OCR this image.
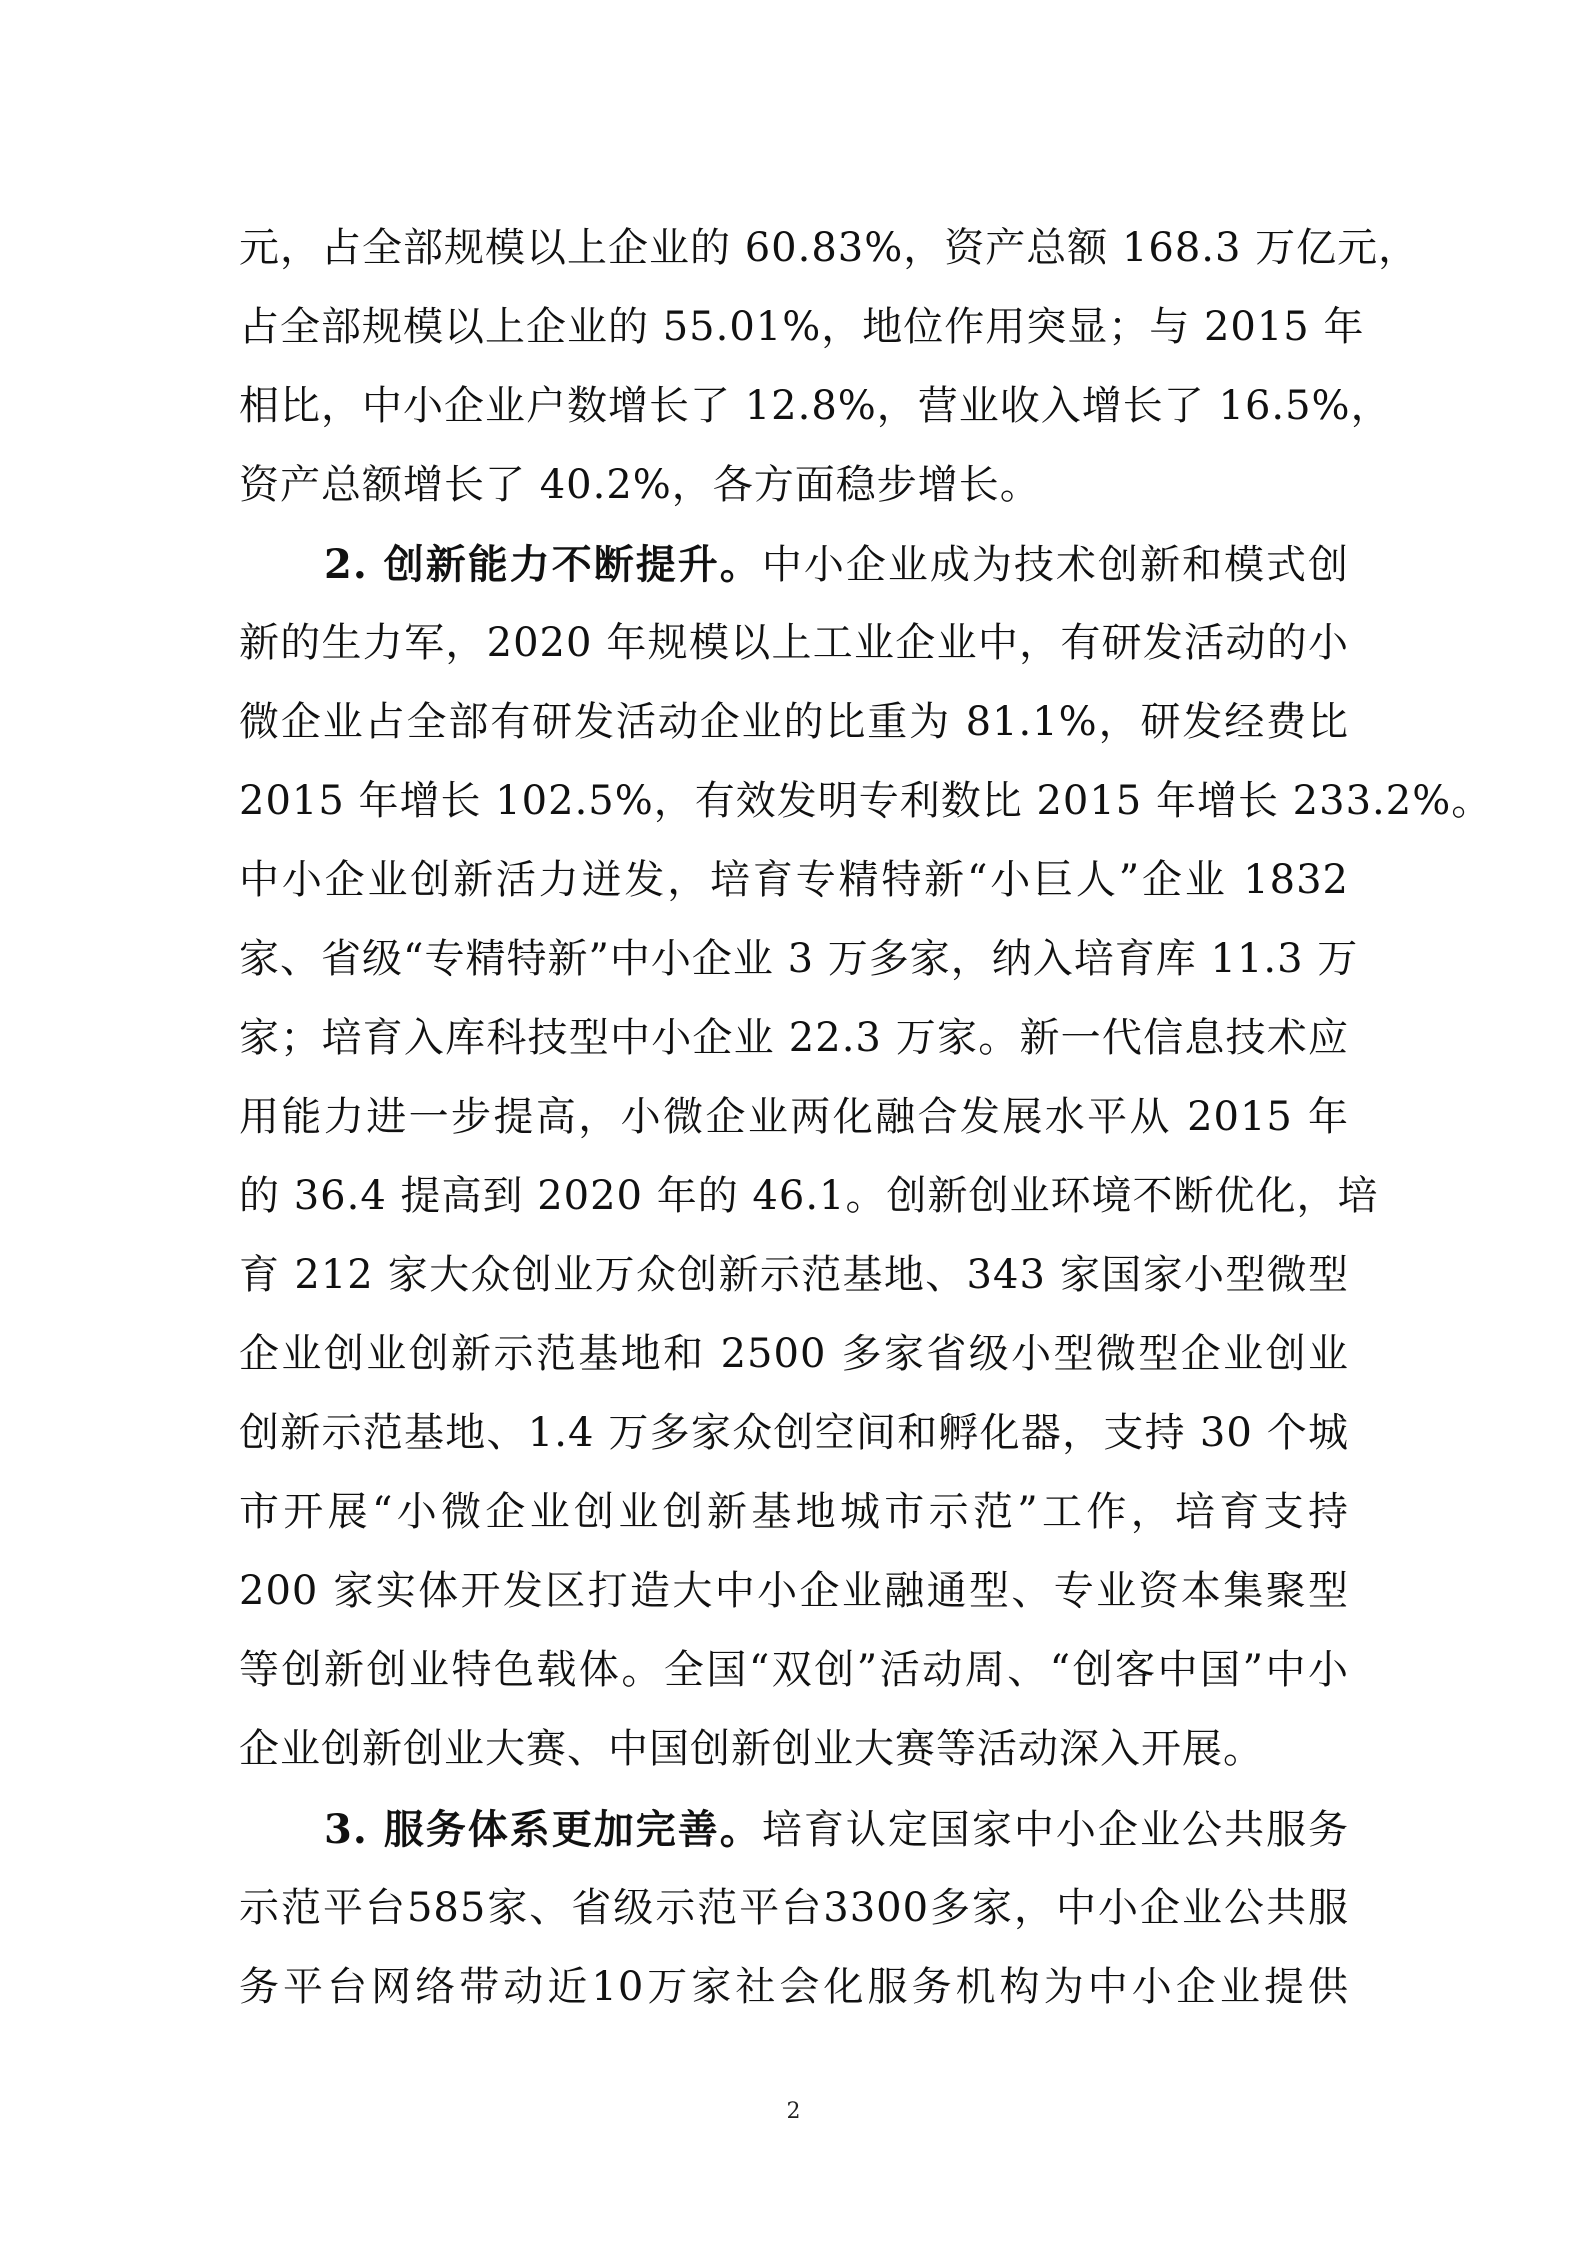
元，占全部规模以上企业的 60.83%，资产总额 168.3 万亿元，
占全部规模以上企业的 55.01%，地位作用突显；与 2015 年
相比，中小企业户数增长了 12.8%，营业收入增长了 16.5%，
资产总额增长了 40.2%，各方面稳步增长。
2. 创新能力不断提升。中小企业成为技术创新和模式创
新的生力军，2020 年规模以上工业企业中，有研发活动的小
微企业占全部有研发活动企业的比重为 81.1%，研发经费比
2015 年增长 102.5%，有效发明专利数比 2015 年增长 233.2%。
中小企业创新活力迸发，培育专精特新“小巨人”企业 1832
家、省级“专精特新”中小企业 3 万多家，纳入培育库 11.3 万
家；培育入库科技型中小企业 22.3 万家。新一代信息技术应
用能力进一步提高，小微企业两化融合发展水平从 2015 年
的 36.4 提高到 2020 年的 46.1。创新创业环境不断优化，培
育 212 家大众创业万众创新示范基地、343 家国家小型微型
企业创业创新示范基地和 2500 多家省级小型微型企业创业
创新示范基地、1.4 万多家众创空间和孵化器，支持 30 个城
市开展“小微企业创业创新基地城市示范”工作，培育支持
200 家实体开发区打造大中小企业融通型、专业资本集聚型
等创新创业特色载体。全国“双创”活动周、“创客中国”中小
企业创新创业大赛、中国创新创业大赛等活动深入开展。
3. 服务体系更加完善。培育认定国家中小企业公共服务
示范平台585家、省级示范平台3300多家，中小企业公共服
务平台网络带动近10万家社会化服务机构为中小企业提供
2
